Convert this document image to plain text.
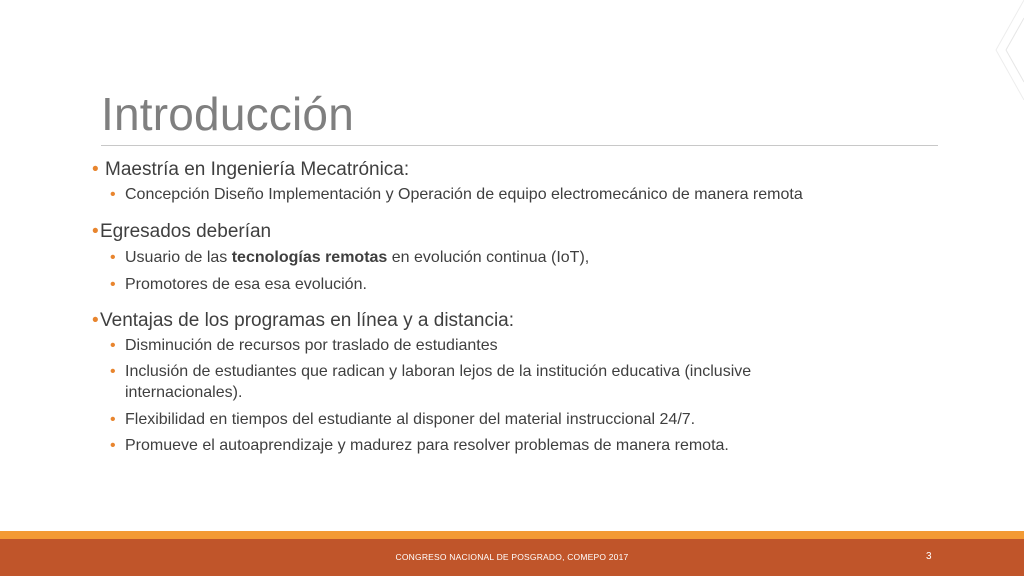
Introducción
• Maestría en Ingeniería Mecatrónica:
• Concepción Diseño Implementación y Operación de equipo electromecánico de manera remota
• Egresados deberían
• Usuario de las tecnologías remotas en evolución continua (IoT),
• Promotores de esa esa evolución.
• Ventajas de los programas en línea y a distancia:
• Disminución de recursos por traslado de estudiantes
• Inclusión de estudiantes que radican y laboran lejos de la institución educativa (inclusive internacionales).
• Flexibilidad en tiempos del estudiante al disponer del material instruccional 24/7.
• Promueve el autoaprendizaje y madurez para resolver problemas de manera remota.
CONGRESO NACIONAL DE POSGRADO, COMEPO 2017	3
